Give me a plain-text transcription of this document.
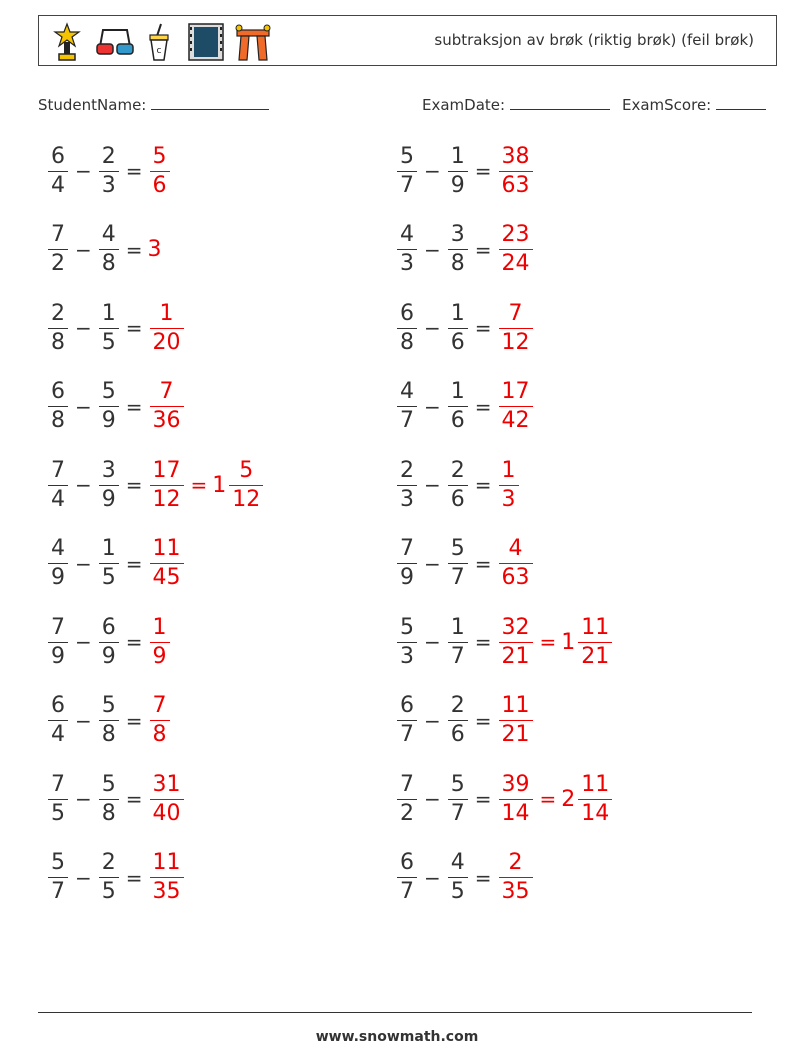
c
subtraksjon av brøk (riktig brøk) (feil brøk)
StudentName:	ExamDate:	ExamScore:
$\frac{6}{4} - \frac{2}{3} = \frac{5}{6}$	$\frac{5}{7} - \frac{1}{9} = \frac{38}{63}$
$\frac{7}{2} - \frac{4}{8} = 3$	$\frac{4}{3} - \frac{3}{8} = \frac{23}{24}$
$\frac{2}{8} - \frac{1}{5} = \frac{1}{20}$	$\frac{6}{8} - \frac{1}{6} = \frac{7}{12}$
$\frac{6}{8} - \frac{5}{9} = \frac{7}{36}$	$\frac{4}{7} - \frac{1}{6} = \frac{17}{42}$
$\frac{7}{4} - \frac{3}{9} = \frac{17}{12} = 1 \frac{5}{12}$	$\frac{2}{3} - \frac{2}{6} = \frac{1}{3}$
$\frac{4}{9} - \frac{1}{5} = \frac{11}{45}$	$\frac{7}{9} - \frac{5}{7} = \frac{4}{63}$
$\frac{7}{9} - \frac{6}{9} = \frac{1}{9}$	$\frac{5}{3} - \frac{1}{7} = \frac{32}{21} = 1 \frac{11}{21}$
$\frac{6}{4} - \frac{5}{8} = \frac{7}{8}$	$\frac{6}{7} - \frac{2}{6} = \frac{11}{21}$
$\frac{7}{5} - \frac{5}{8} = \frac{31}{40}$	$\frac{7}{2} - \frac{5}{7} = \frac{39}{14} = 2 \frac{11}{14}$
$\frac{5}{7} - \frac{2}{5} = \frac{11}{35}$	$\frac{6}{7} - \frac{4}{5} = \frac{2}{35}$
www.snowmath.com
